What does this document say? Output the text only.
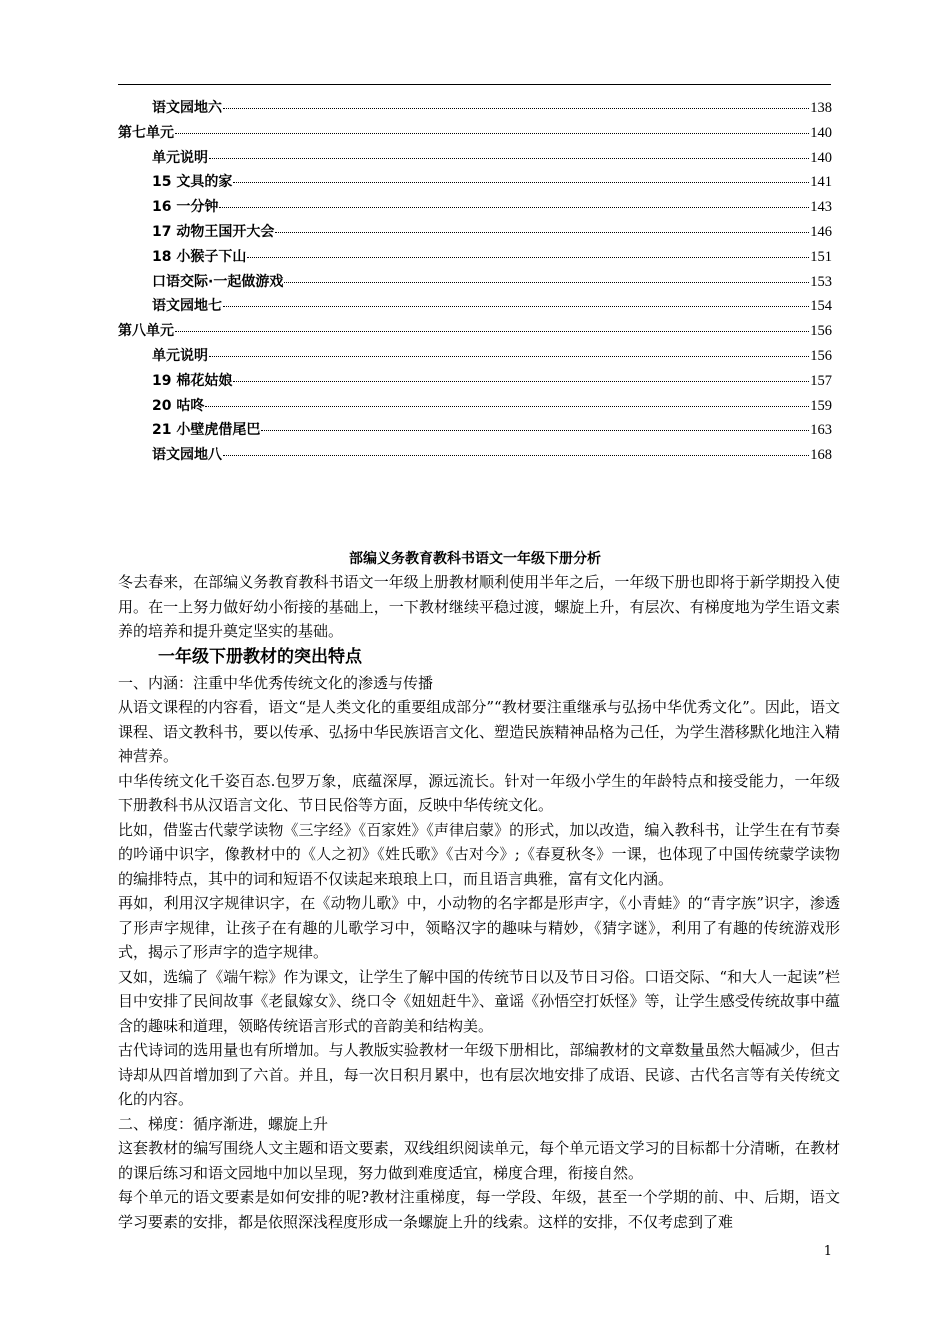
语文园地六	138
第七单元	140
单元说明	140
15 文具的家	141
16 一分钟	143
17 动物王国开大会	146
18 小猴子下山	151
口语交际·一起做游戏	153
语文园地七	154
第八单元	156
单元说明	156
19 棉花姑娘	157
20 咕咚	159
21 小壁虎借尾巴	163
语文园地八	168
部编义务教育教科书语文一年级下册分析

冬去春来，在部编义务教育教科书语文一年级上册教材顺利使用半年之后，一年级下册也即将于新学期投入使用。在一上努力做好幼小衔接的基础上，一下教材继续平稳过渡，螺旋上升，有层次、有梯度地为学生语文素养的培养和提升奠定坚实的基础。

一年级下册教材的突出特点

一、内涵：注重中华优秀传统文化的渗透与传播

从语文课程的内容看，语文“是人类文化的重要组成部分”“教材要注重继承与弘扬中华优秀文化”。因此，语文课程、语文教科书，要以传承、弘扬中华民族语言文化、塑造民族精神品格为己任，为学生潜移默化地注入精神营养。

中华传统文化千姿百态.包罗万象，底蕴深厚，源远流长。针对一年级小学生的年龄特点和接受能力，一年级下册教科书从汉语言文化、节日民俗等方面，反映中华传统文化。

比如，借鉴古代蒙学读物《三字经》《百家姓》《声律启蒙》的形式，加以改造，编入教科书，让学生在有节奏的吟诵中识字，像教材中的《人之初》《姓氏歌》《古对今》;《春夏秋冬》一课，也体现了中国传统蒙学读物的编排特点，其中的词和短语不仅读起来琅琅上口，而且语言典雅，富有文化内涵。

再如，利用汉字规律识字，在《动物儿歌》中，小动物的名字都是形声字，《小青蛙》的“青字族”识字，渗透了形声字规律，让孩子在有趣的儿歌学习中，领略汉字的趣味与精妙，《猜字谜》，利用了有趣的传统游戏形式，揭示了形声字的造字规律。

又如，选编了《端午粽》作为课文，让学生了解中国的传统节日以及节日习俗。口语交际、“和大人一起读”栏目中安排了民间故事《老鼠嫁女》、绕口令《妞妞赶牛》、童谣《孙悟空打妖怪》等，让学生感受传统故事中蕴含的趣味和道理，领略传统语言形式的音韵美和结构美。

古代诗词的选用量也有所增加。与人教版实验教材一年级下册相比，部编教材的文章数量虽然大幅减少，但古诗却从四首增加到了六首。并且，每一次日积月累中，也有层次地安排了成语、民谚、古代名言等有关传统文化的内容。

二、梯度：循序渐进，螺旋上升

这套教材的编写围绕人文主题和语文要素，双线组织阅读单元，每个单元语文学习的目标都十分清晰，在教材的课后练习和语文园地中加以呈现，努力做到难度适宜，梯度合理，衔接自然。

每个单元的语文要素是如何安排的呢?教材注重梯度，每一学段、年级，甚至一个学期的前、中、后期，语文学习要素的安排，都是依照深浅程度形成一条螺旋上升的线索。这样的安排，不仅考虑到了难

1
